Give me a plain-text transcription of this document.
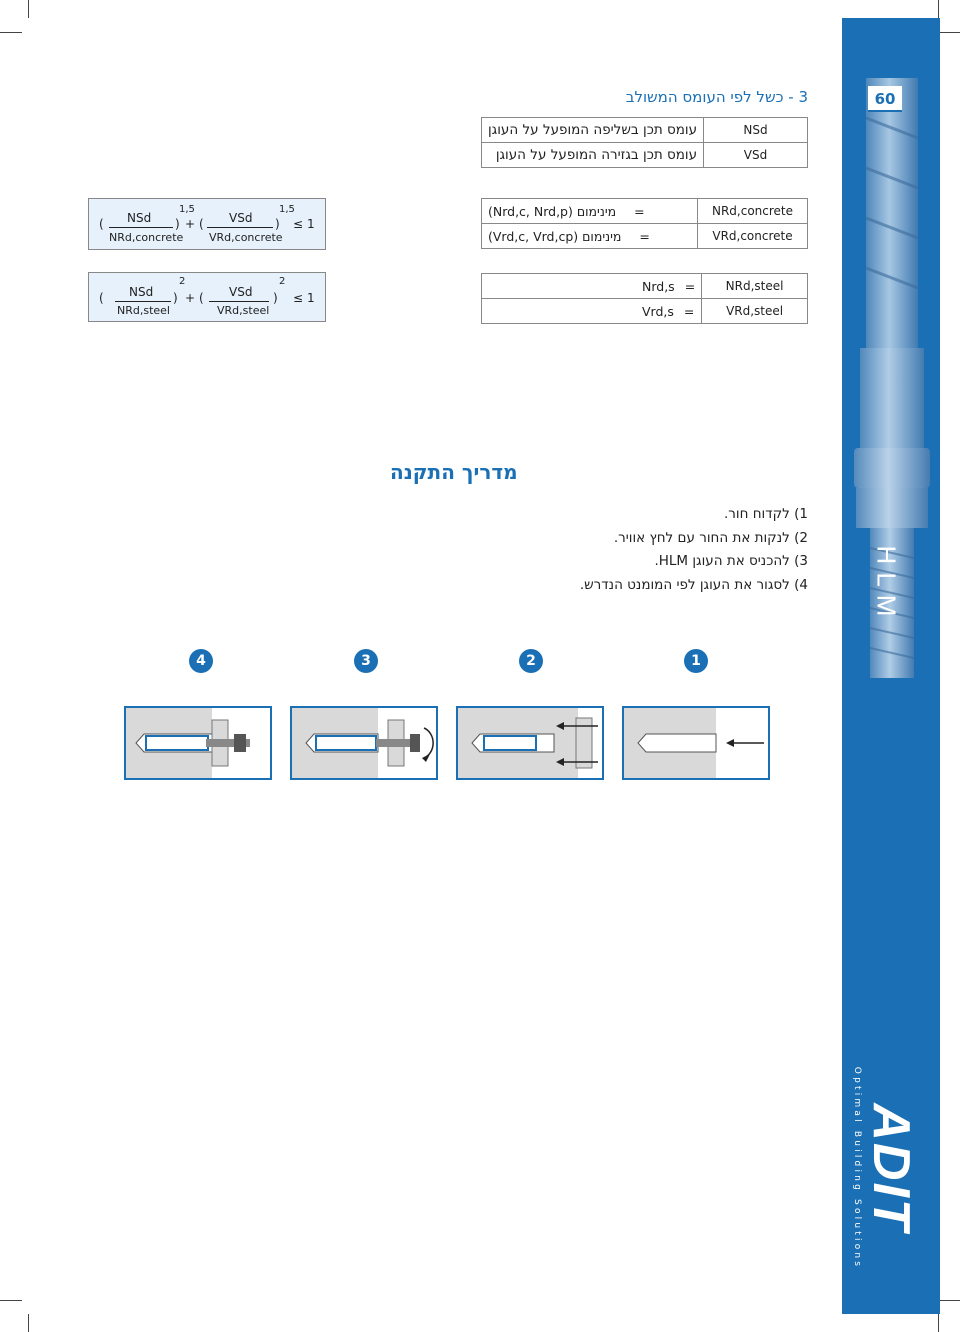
60
HLM
ADIT
Optimal Building Solutions
3 - כשל לפי העומס המשולב
עומס תכן בשליפה המופעל על העוגן	NSd
עומס תכן בגזירה המופעל על העוגן	VSd
(Nrd,c, Nrd,p) מינימום =	NRd,concrete
(Vrd,c, Vrd,cp) מינימום =	VRd,concrete
Nrd,s =	NRd,steel
Vrd,s =	VRd,steel
( NSd
NRd,concrete
)
1,5
+ ( VSd
VRd,concrete
)
1,5
≤ 1
( NSd
NRd,steel
)
2
+ ( VSd
VRd,steel
)
2
≤ 1
מדריך התקנה
1) לקדוח חור.
2) לנקות את החור עם לחץ אוויר.
3) להכניס את העוגן HLM.
4) לסגור את העוגן לפי המומנט הנדרש.
1
2
3
4
